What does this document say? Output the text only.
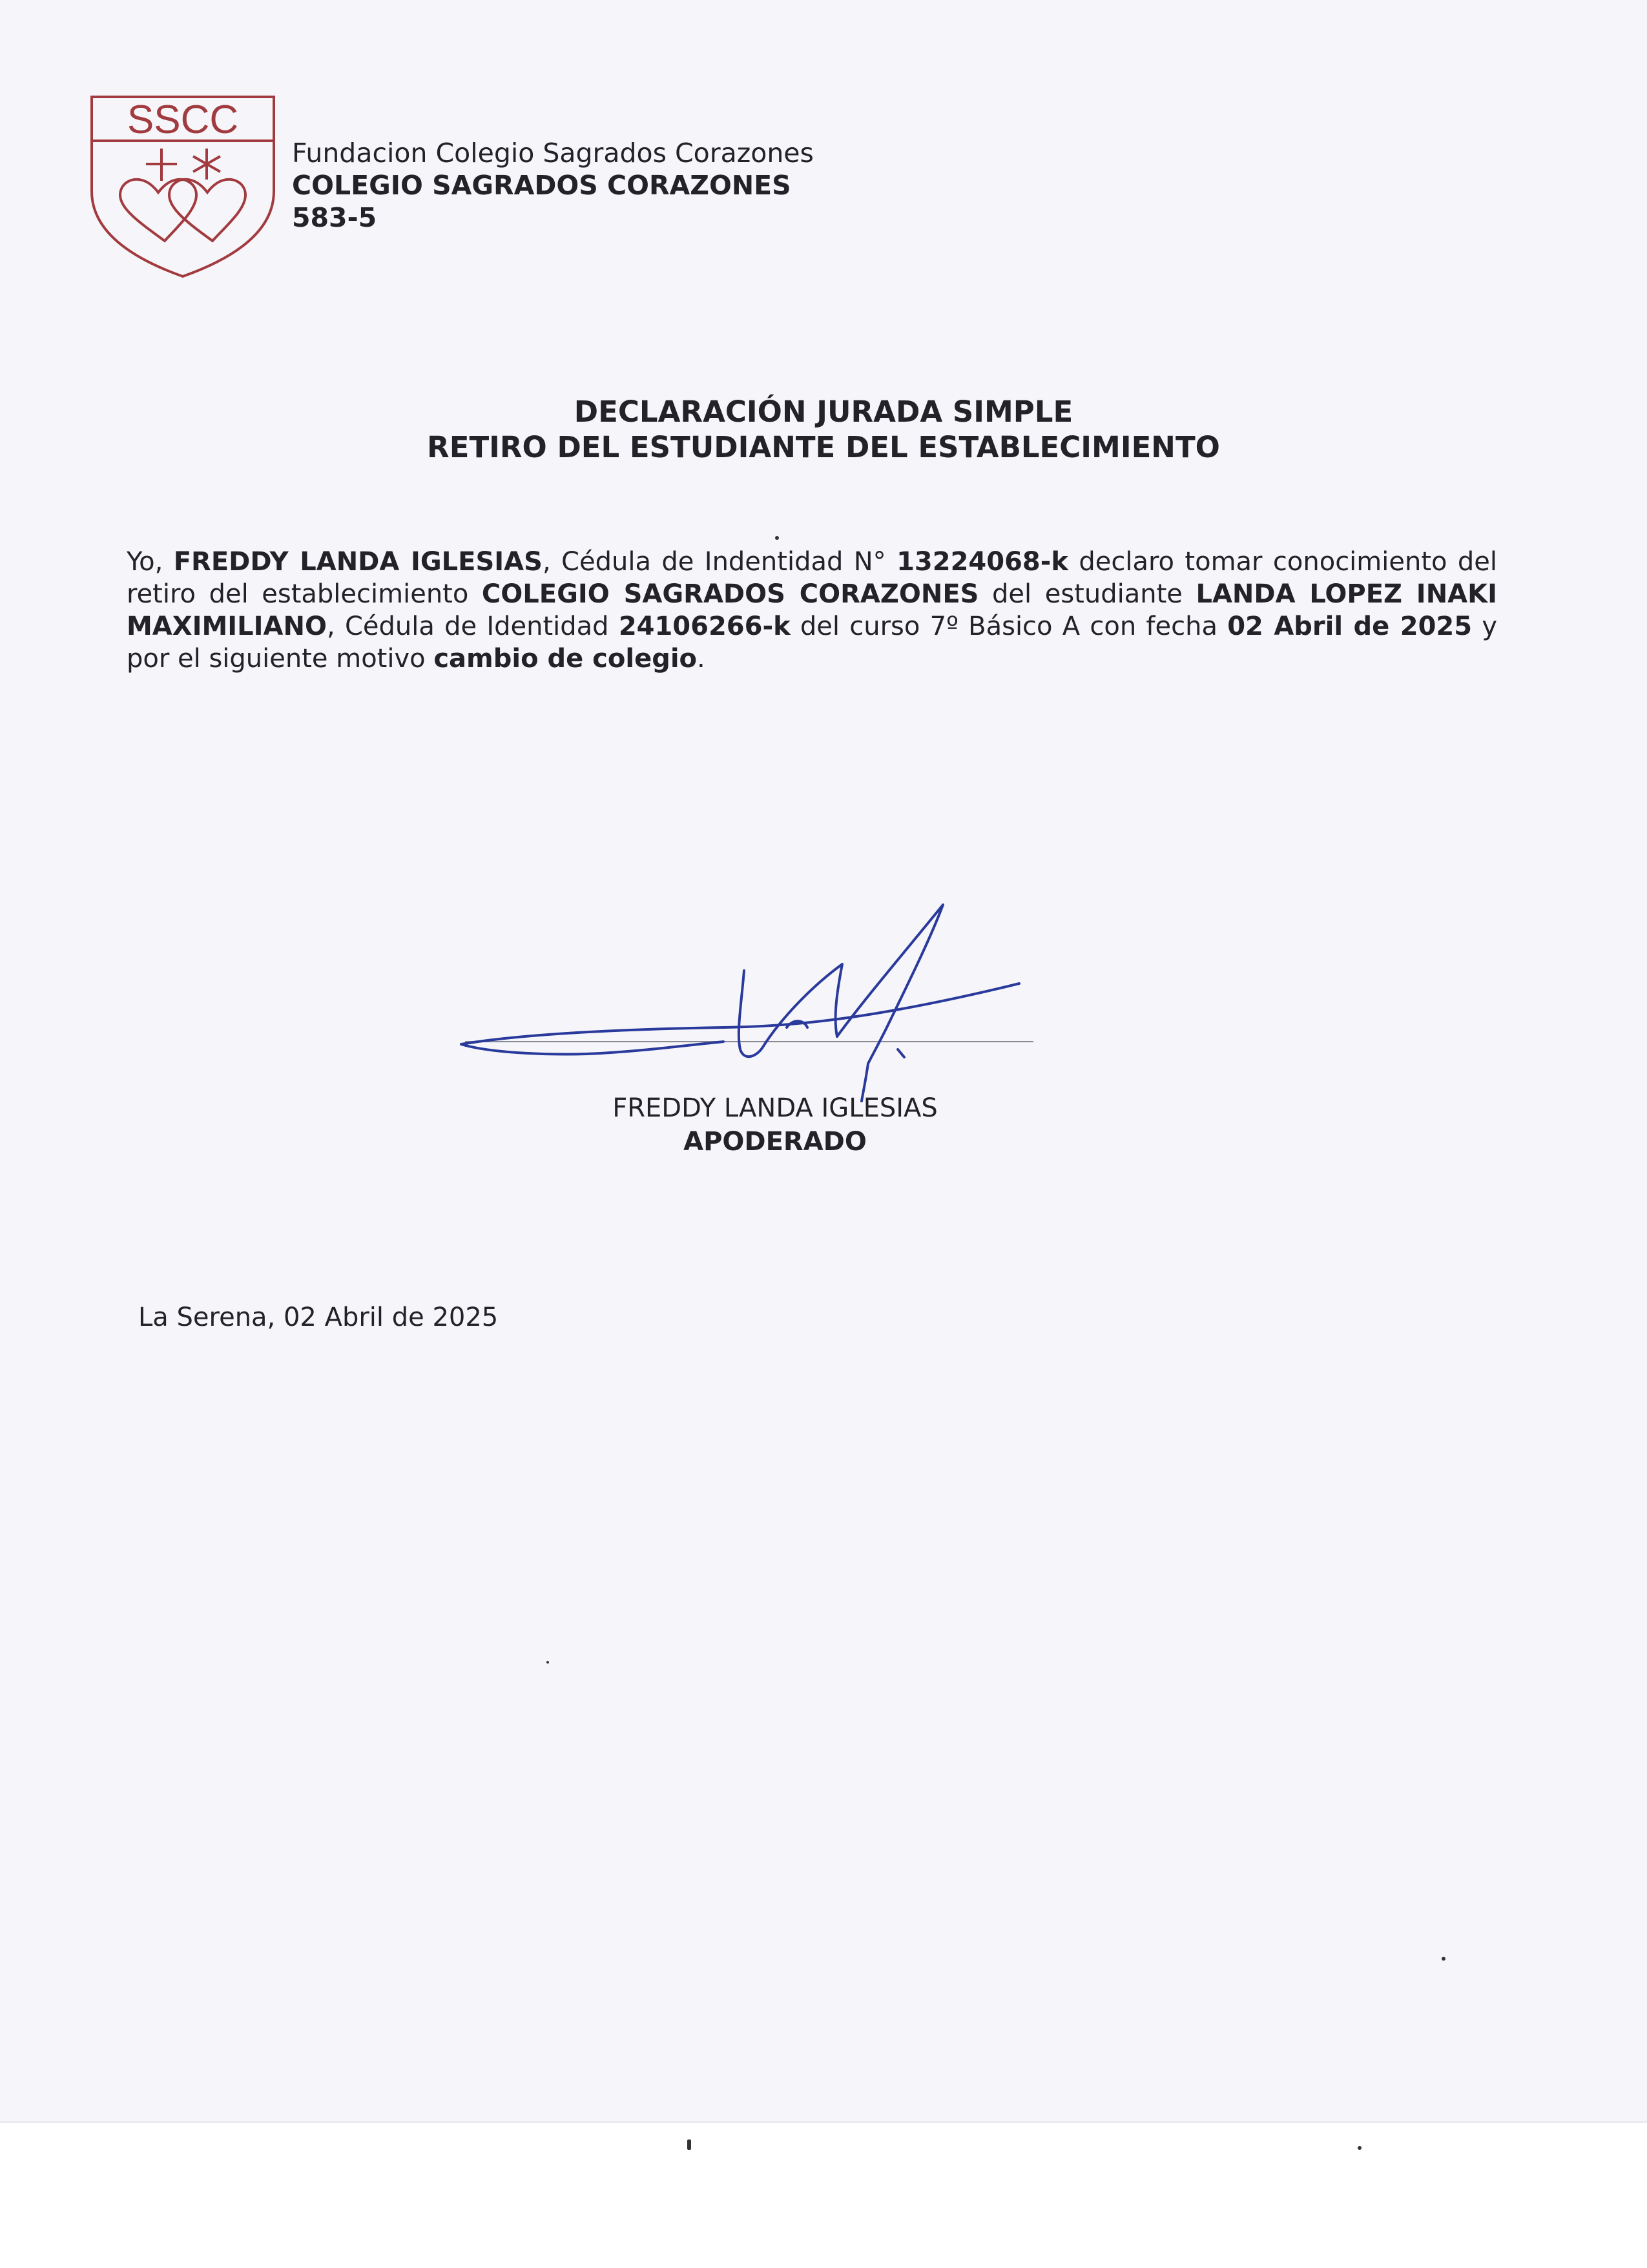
SSCC
Fundacion Colegio Sagrados Corazones
COLEGIO SAGRADOS CORAZONES
583-5
DECLARACIÓN JURADA SIMPLE
RETIRO DEL ESTUDIANTE DEL ESTABLECIMIENTO

Yo, FREDDY LANDA IGLESIAS, Cédula de Indentidad N° 13224068-k declaro tomar conocimiento del retiro del establecimiento COLEGIO SAGRADOS CORAZONES del estudiante LANDA LOPEZ INAKI MAXIMILIANO, Cédula de Identidad 24106266-k del curso 7º Básico A con fecha 02 Abril de 2025 y por el siguiente motivo cambio de colegio.

FREDDY LANDA IGLESIAS
APODERADO
La Serena, 02 Abril de 2025
